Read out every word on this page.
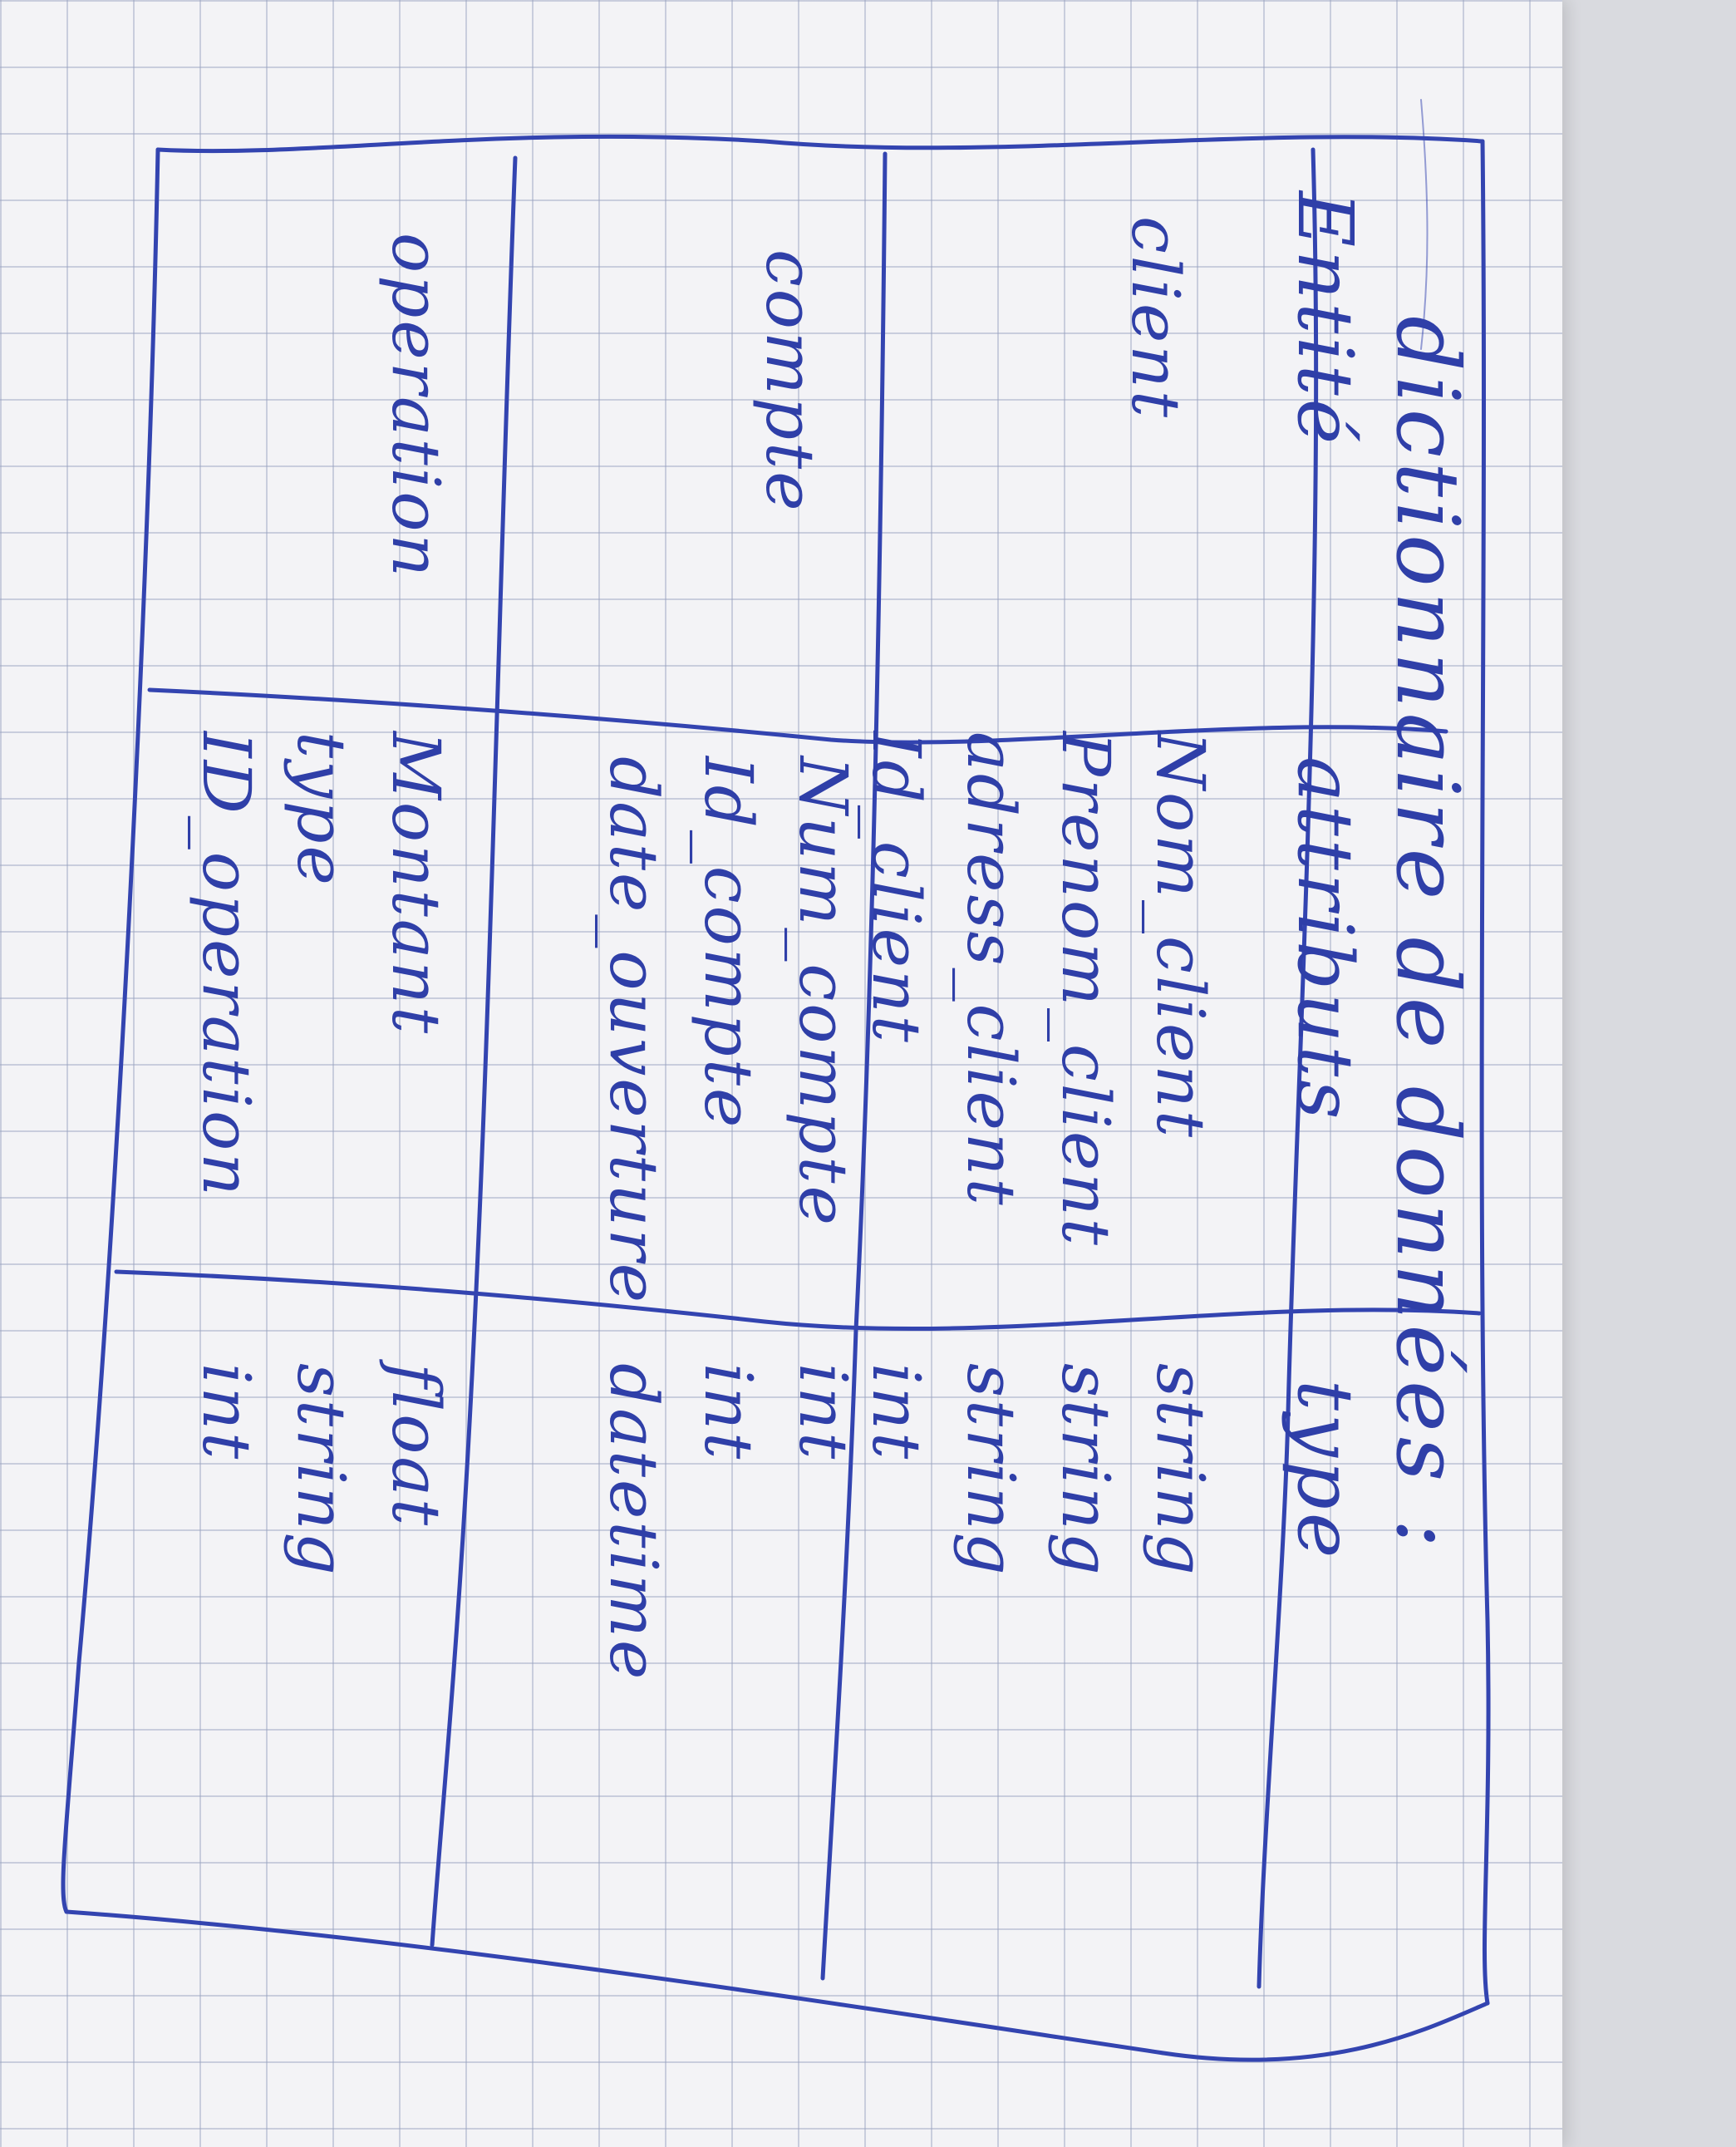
dictionnaire de données :
Entité
attributs
type
client
Nom_client
Prenom_client
adress_client
Id_client
string
string
string
int
compte
Num_compte
Id_compte
date_ouverture
int
int
datetime
operation
Montant
type
ID_operation
float
string
int
